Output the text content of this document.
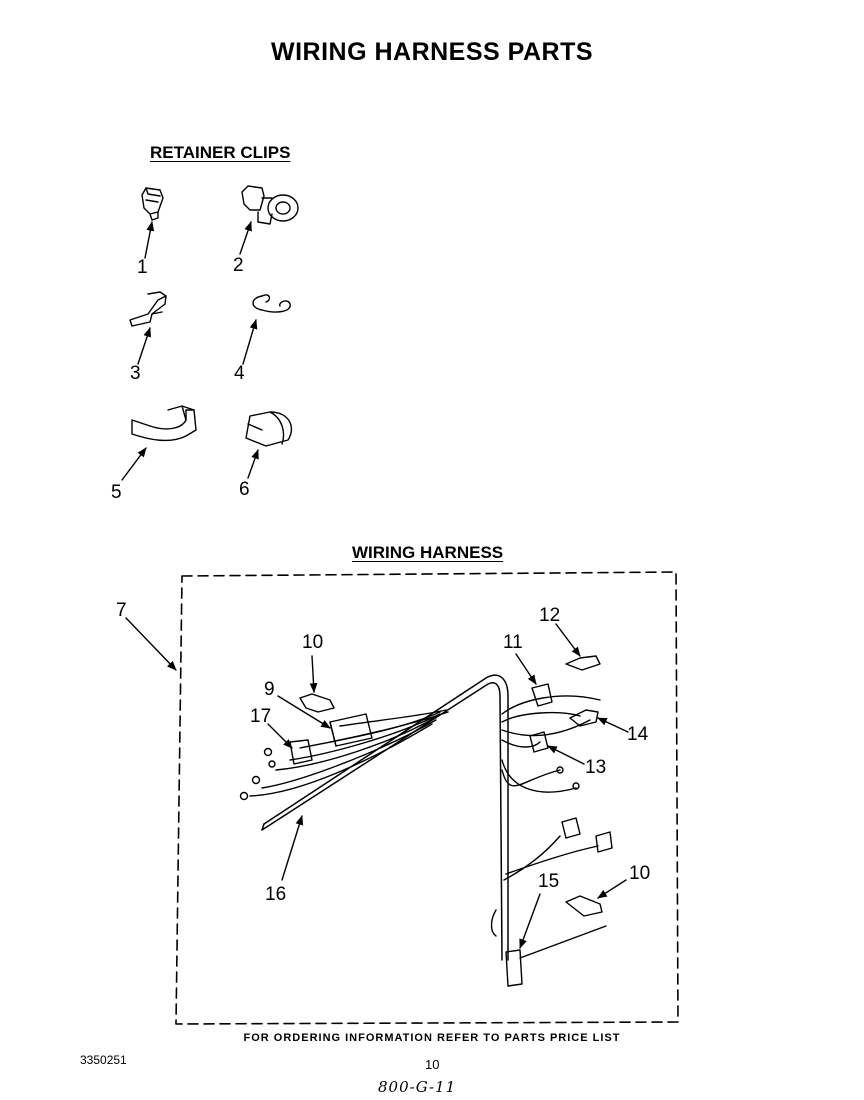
WIRING HARNESS PARTS
RETAINER CLIPS
WIRING HARNESS
1	2
3	4
5	6
7
10
9
17
11
12
14
13
16
15	10
FOR ORDERING INFORMATION REFER TO PARTS PRICE LIST
3350251	10
800-G-11
